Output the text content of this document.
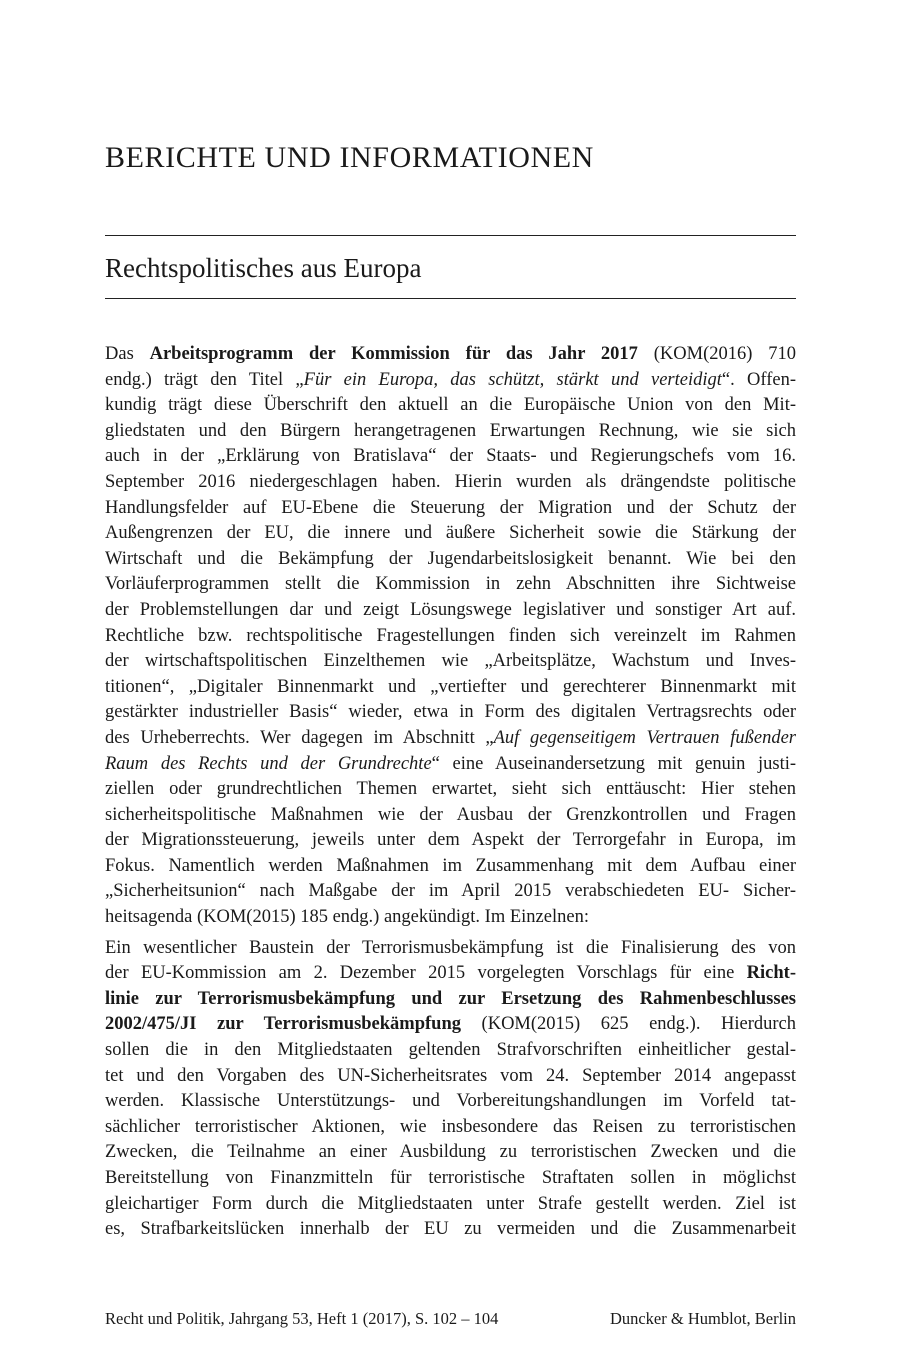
BERICHTE UND INFORMATIONEN
Rechtspolitisches aus Europa
Das Arbeitsprogramm der Kommission für das Jahr 2017 (KOM(2016) 710
endg.) trägt den Titel „Für ein Europa, das schützt, stärkt und verteidigt“. Offen-
kundig trägt diese Überschrift den aktuell an die Europäische Union von den Mit-
gliedstaten und den Bürgern herangetragenen Erwartungen Rechnung, wie sie sich
auch in der „Erklärung von Bratislava“ der Staats- und Regierungschefs vom 16.
September 2016 niedergeschlagen haben. Hierin wurden als drängendste politische
Handlungsfelder auf EU-Ebene die Steuerung der Migration und der Schutz der
Außengrenzen der EU, die innere und äußere Sicherheit sowie die Stärkung der
Wirtschaft und die Bekämpfung der Jugendarbeitslosigkeit benannt. Wie bei den
Vorläuferprogrammen stellt die Kommission in zehn Abschnitten ihre Sichtweise
der Problemstellungen dar und zeigt Lösungswege legislativer und sonstiger Art auf.
Rechtliche bzw. rechtspolitische Fragestellungen finden sich vereinzelt im Rahmen
der wirtschaftspolitischen Einzelthemen wie „Arbeitsplätze, Wachstum und Inves-
titionen“, „Digitaler Binnenmarkt und „vertiefter und gerechterer Binnenmarkt mit
gestärkter industrieller Basis“ wieder, etwa in Form des digitalen Vertragsrechts oder
des Urheberrechts. Wer dagegen im Abschnitt „Auf gegenseitigem Vertrauen fußender
Raum des Rechts und der Grundrechte“ eine Auseinandersetzung mit genuin justi-
ziellen oder grundrechtlichen Themen erwartet, sieht sich enttäuscht: Hier stehen
sicherheitspolitische Maßnahmen wie der Ausbau der Grenzkontrollen und Fragen
der Migrationssteuerung, jeweils unter dem Aspekt der Terrorgefahr in Europa, im
Fokus. Namentlich werden Maßnahmen im Zusammenhang mit dem Aufbau einer
„Sicherheitsunion“ nach Maßgabe der im April 2015 verabschiedeten EU- Sicher-
heitsagenda (KOM(2015) 185 endg.) angekündigt. Im Einzelnen:
Ein wesentlicher Baustein der Terrorismusbekämpfung ist die Finalisierung des von
der EU-Kommission am 2. Dezember 2015 vorgelegten Vorschlags für eine Richt-
linie zur Terrorismusbekämpfung und zur Ersetzung des Rahmenbeschlusses
2002/475/JI zur Terrorismusbekämpfung (KOM(2015) 625 endg.). Hierdurch
sollen die in den Mitgliedstaaten geltenden Strafvorschriften einheitlicher gestal-
tet und den Vorgaben des UN-Sicherheitsrates vom 24. September 2014 angepasst
werden. Klassische Unterstützungs- und Vorbereitungshandlungen im Vorfeld tat-
sächlicher terroristischer Aktionen, wie insbesondere das Reisen zu terroristischen
Zwecken, die Teilnahme an einer Ausbildung zu terroristischen Zwecken und die
Bereitstellung von Finanzmitteln für terroristische Straftaten sollen in möglichst
gleichartiger Form durch die Mitgliedstaaten unter Strafe gestellt werden. Ziel ist
es, Strafbarkeitslücken innerhalb der EU zu vermeiden und die Zusammenarbeit
Recht und Politik, Jahrgang 53, Heft 1 (2017), S. 102 – 104	Duncker & Humblot, Berlin
